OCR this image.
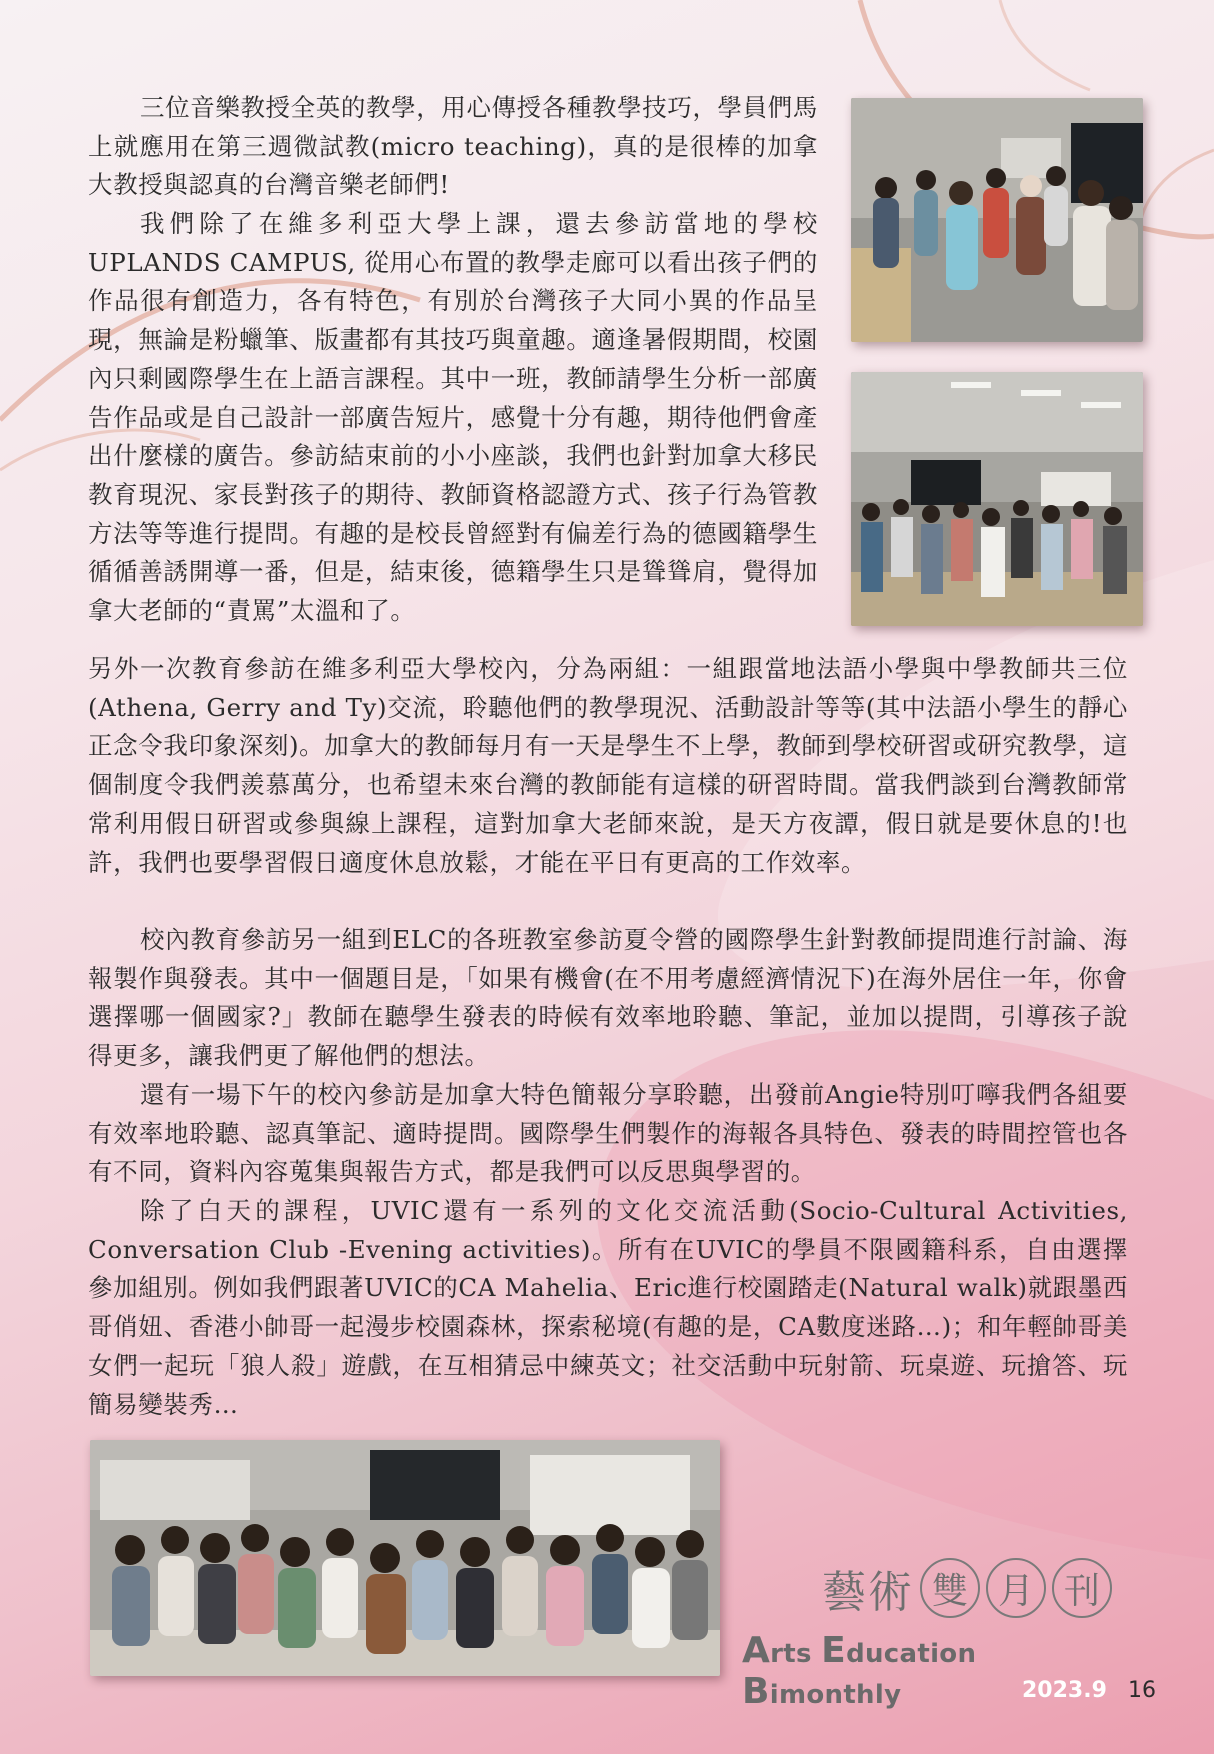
三位音樂教授全英的教學，用心傳授各種教學技巧，學員們馬上就應用在第三週微試教(micro teaching)，真的是很棒的加拿大教授與認真的台灣音樂老師們!

我們除了在維多利亞大學上課，還去參訪當地的學校UPLANDS CAMPUS, 從用心布置的教學走廊可以看出孩子們的作品很有創造力，各有特色，有別於台灣孩子大同小異的作品呈現，無論是粉蠟筆、版畫都有其技巧與童趣。適逢暑假期間，校園內只剩國際學生在上語言課程。其中一班，教師請學生分析一部廣告作品或是自己設計一部廣告短片，感覺十分有趣，期待他們會產出什麼樣的廣告。參訪結束前的小小座談，我們也針對加拿大移民教育現況、家長對孩子的期待、教師資格認證方式、孩子行為管教方法等等進行提問。有趣的是校長曾經對有偏差行為的德國籍學生循循善誘開導一番，但是，結束後，德籍學生只是聳聳肩，覺得加拿大老師的“責罵”太溫和了。

另外一次教育參訪在維多利亞大學校內，分為兩組：一組跟當地法語小學與中學教師共三位(Athena, Gerry and Ty)交流，聆聽他們的教學現況、活動設計等等(其中法語小學生的靜心正念令我印象深刻)。加拿大的教師每月有一天是學生不上學，教師到學校研習或研究教學，這個制度令我們羨慕萬分，也希望未來台灣的教師能有這樣的研習時間。當我們談到台灣教師常常利用假日研習或參與線上課程，這對加拿大老師來說，是天方夜譚，假日就是要休息的!也許，我們也要學習假日適度休息放鬆，才能在平日有更高的工作效率。

校內教育參訪另一組到ELC的各班教室參訪夏令營的國際學生針對教師提問進行討論、海報製作與發表。其中一個題目是，「如果有機會(在不用考慮經濟情況下)在海外居住一年，你會選擇哪一個國家?」教師在聽學生發表的時候有效率地聆聽、筆記，並加以提問，引導孩子說得更多，讓我們更了解他們的想法。

還有一場下午的校內參訪是加拿大特色簡報分享聆聽，出發前Angie特別叮嚀我們各組要有效率地聆聽、認真筆記、適時提問。國際學生們製作的海報各具特色、發表的時間控管也各有不同，資料內容蒐集與報告方式，都是我們可以反思與學習的。

除了白天的課程，UVIC還有一系列的文化交流活動(Socio-Cultural Activities, Conversation Club -Evening activities)。所有在UVIC的學員不限國籍科系，自由選擇參加組別。例如我們跟著UVIC的CA Mahelia、Eric進行校園踏走(Natural walk)就跟墨西哥俏妞、香港小帥哥一起漫步校園森林，探索秘境(有趣的是，CA數度迷路…)；和年輕帥哥美女們一起玩「狼人殺」遊戲，在互相猜忌中練英文；社交活動中玩射箭、玩桌遊、玩搶答、玩簡易變裝秀…

藝術 雙 月 刊
Arts Education Bimonthly	2023.9 16
